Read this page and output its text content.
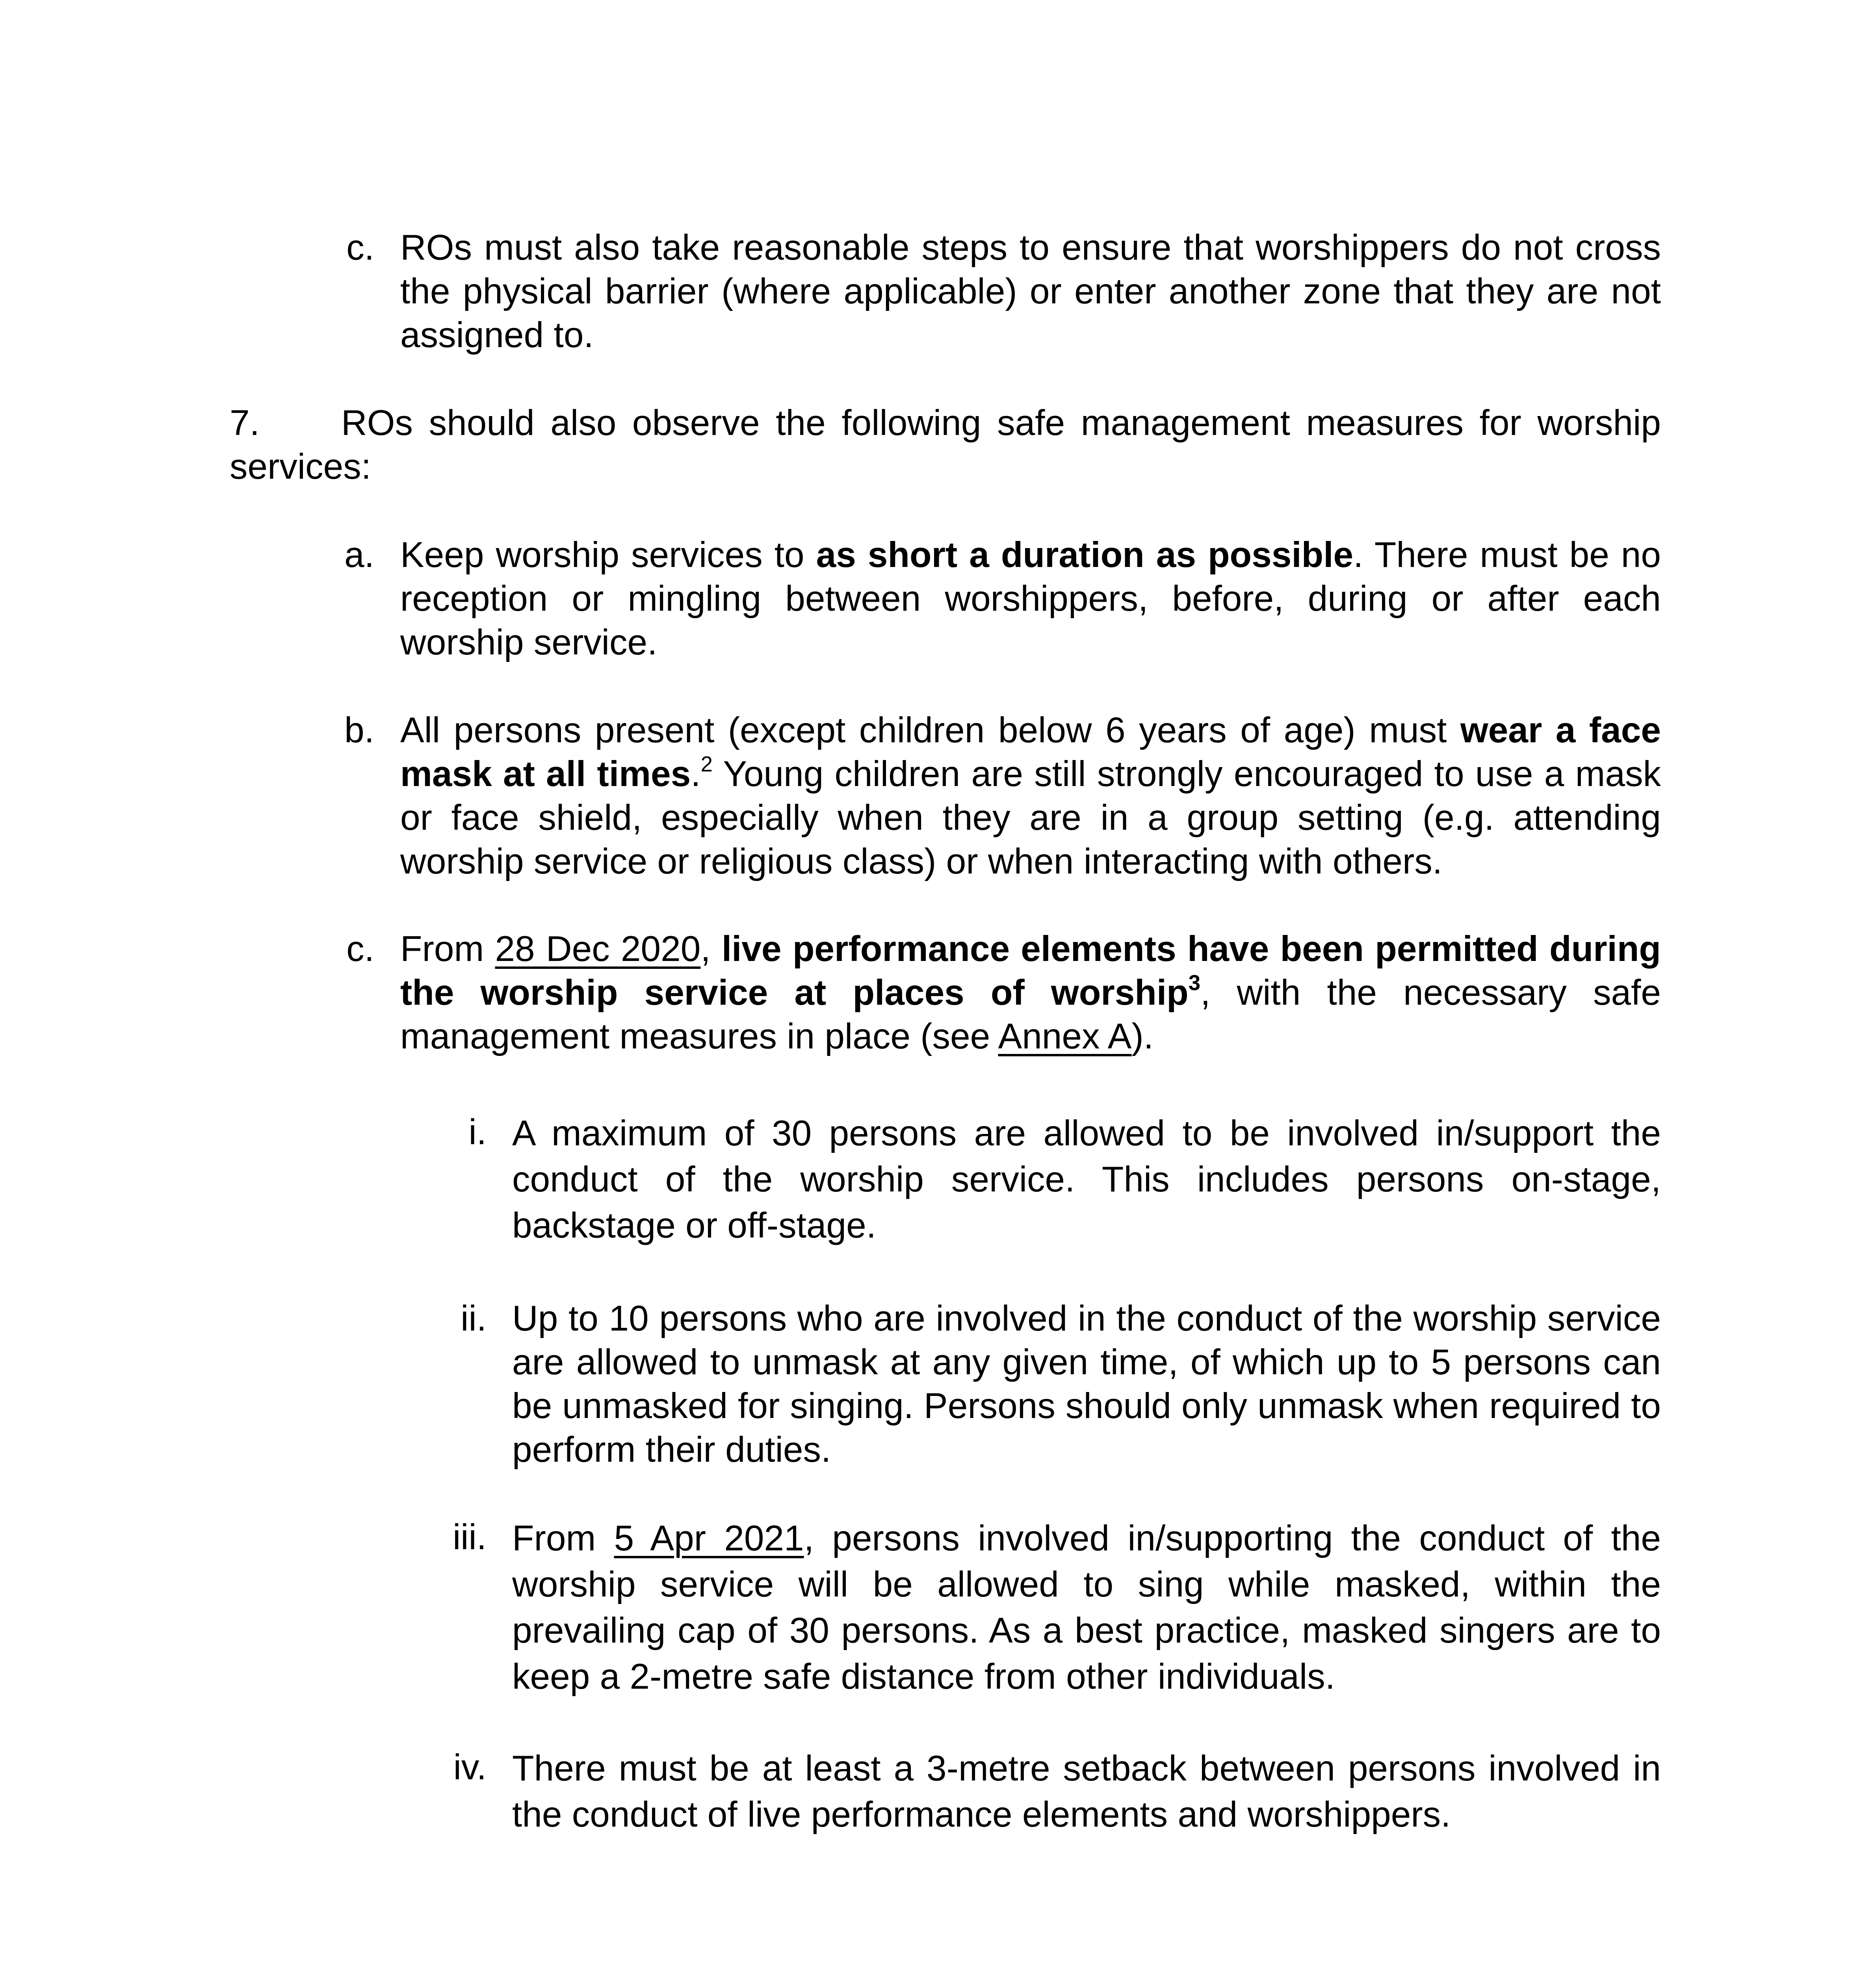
c. ROs must also take reasonable steps to ensure that worshippers do not cross the physical barrier (where applicable) or enter another zone that they are not assigned to.
7.	ROs should also observe the following safe management measures for worship services:
a. Keep worship services to as short a duration as possible. There must be no reception or mingling between worshippers, before, during or after each worship service.
b. All persons present (except children below 6 years of age) must wear a face mask at all times.$^2$ Young children are still strongly encouraged to use a mask or face shield, especially when they are in a group setting (e.g. attending worship service or religious class) or when interacting with others.
c. From 28 Dec 2020, live performance elements have been permitted during the worship service at places of worship$^3$, with the necessary safe management measures in place (see Annex A).
i. A maximum of 30 persons are allowed to be involved in/support the conduct of the worship service. This includes persons on-stage, backstage or off-stage.
ii. Up to 10 persons who are involved in the conduct of the worship service are allowed to unmask at any given time, of which up to 5 persons can be unmasked for singing. Persons should only unmask when required to perform their duties.
iii. From 5 Apr 2021, persons involved in/supporting the conduct of the worship service will be allowed to sing while masked, within the prevailing cap of 30 persons. As a best practice, masked singers are to keep a 2-metre safe distance from other individuals.
iv. There must be at least a 3-metre setback between persons involved in the conduct of live performance elements and worshippers.
